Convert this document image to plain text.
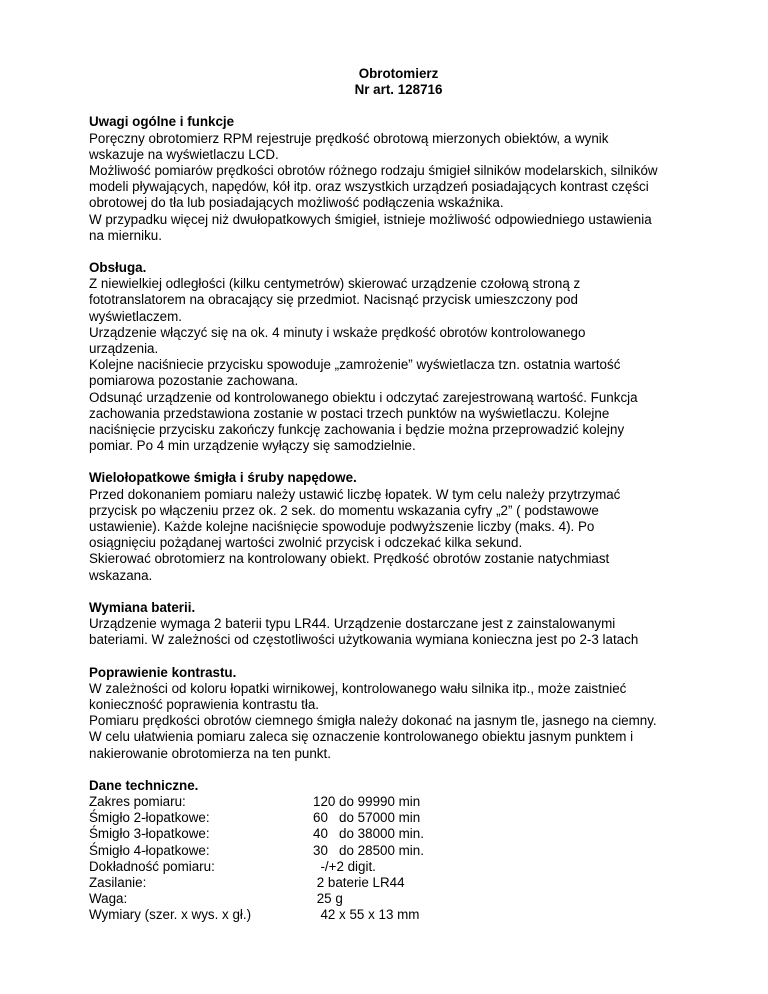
Obrotomierz
Nr art. 128716
Uwagi ogólne i funkcje
Poręczny obrotomierz RPM rejestruje prędkość obrotową mierzonych obiektów, a wynik
wskazuje na wyświetlaczu LCD.
Możliwość pomiarów prędkości obrotów różnego rodzaju śmigieł silników modelarskich, silników
modeli pływających, napędów, kół itp. oraz wszystkich urządzeń posiadających kontrast części
obrotowej do tła lub posiadających możliwość podłączenia wskaźnika.
W przypadku więcej niż dwułopatkowych śmigieł, istnieje możliwość odpowiedniego ustawienia
na mierniku.
Obsługa.
Z niewielkiej odległości (kilku centymetrów) skierować urządzenie czołową stroną z
fototranslatorem na obracający się przedmiot. Nacisnąć przycisk umieszczony pod
wyświetlaczem.
Urządzenie włączyć się na ok. 4 minuty i wskaże prędkość obrotów kontrolowanego
urządzenia.
Kolejne naciśniecie przycisku spowoduje „zamrożenie” wyświetlacza tzn. ostatnia wartość
pomiarowa pozostanie zachowana.
Odsunąć urządzenie od kontrolowanego obiektu i odczytać zarejestrowaną wartość. Funkcja
zachowania przedstawiona zostanie w postaci trzech punktów na wyświetlaczu. Kolejne
naciśnięcie przycisku zakończy funkcję zachowania i będzie można przeprowadzić kolejny
pomiar. Po 4 min urządzenie wyłączy się samodzielnie.
Wielołopatkowe śmigła i śruby napędowe.
Przed dokonaniem pomiaru należy ustawić liczbę łopatek. W tym celu należy przytrzymać
przycisk po włączeniu przez ok. 2 sek. do momentu wskazania cyfry „2” ( podstawowe
ustawienie). Każde kolejne naciśnięcie spowoduje podwyższenie liczby (maks. 4). Po
osiągnięciu pożądanej wartości zwolnić przycisk i odczekać kilka sekund.
Skierować obrotomierz na kontrolowany obiekt. Prędkość obrotów zostanie natychmiast
wskazana.
Wymiana baterii.
Urządzenie wymaga 2 baterii typu LR44. Urządzenie dostarczane jest z zainstalowanymi
bateriami. W zależności od częstotliwości użytkowania wymiana konieczna jest po 2-3 latach
Poprawienie kontrastu.
W zależności od koloru łopatki wirnikowej, kontrolowanego wału silnika itp., może zaistnieć
konieczność poprawienia kontrastu tła.
Pomiaru prędkości obrotów ciemnego śmigła należy dokonać na jasnym tle, jasnego na ciemny.
W celu ułatwienia pomiaru zaleca się oznaczenie kontrolowanego obiektu jasnym punktem i
nakierowanie obrotomierza na ten punkt.
Dane techniczne.
Zakres pomiaru:	120 do 99990 min
Śmigło 2-łopatkowe:	60   do 57000 min
Śmigło 3-łopatkowe:	40   do 38000 min.
Śmigło 4-łopatkowe:	30   do 28500 min.
Dokładność pomiaru:	-/+2 digit.
Zasilanie:	2 baterie LR44
Waga:	25 g
Wymiary (szer. x wys. x gł.)	42 x 55 x 13 mm
